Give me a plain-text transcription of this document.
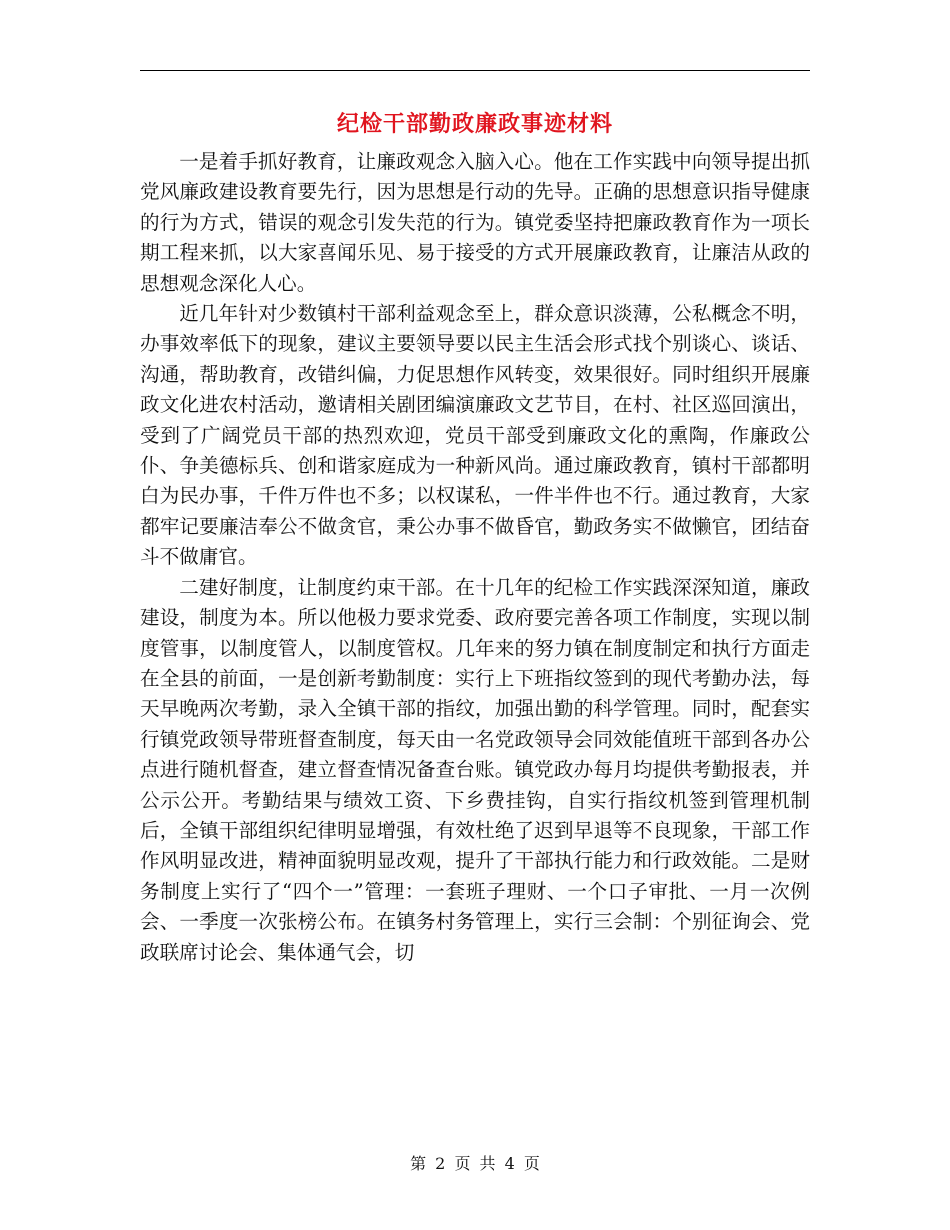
纪检干部勤政廉政事迹材料

一是着手抓好教育，让廉政观念入脑入心。他在工作实践中向领导提出抓党风廉政建设教育要先行，因为思想是行动的先导。正确的思想意识指导健康的行为方式，错误的观念引发失范的行为。镇党委坚持把廉政教育作为一项长期工程来抓，以大家喜闻乐见、易于接受的方式开展廉政教育，让廉洁从政的思想观念深化人心。

近几年针对少数镇村干部利益观念至上，群众意识淡薄，公私概念不明，办事效率低下的现象，建议主要领导要以民主生活会形式找个别谈心、谈话、沟通，帮助教育，改错纠偏，力促思想作风转变，效果很好。同时组织开展廉政文化进农村活动，邀请相关剧团编演廉政文艺节目，在村、社区巡回演出，受到了广阔党员干部的热烈欢迎，党员干部受到廉政文化的熏陶，作廉政公仆、争美德标兵、创和谐家庭成为一种新风尚。通过廉政教育，镇村干部都明白为民办事，千件万件也不多；以权谋私，一件半件也不行。通过教育，大家都牢记要廉洁奉公不做贪官，秉公办事不做昏官，勤政务实不做懒官，团结奋斗不做庸官。

二建好制度，让制度约束干部。在十几年的纪检工作实践深深知道，廉政建设，制度为本。所以他极力要求党委、政府要完善各项工作制度，实现以制度管事，以制度管人，以制度管权。几年来的努力镇在制度制定和执行方面走在全县的前面，一是创新考勤制度：实行上下班指纹签到的现代考勤办法，每天早晚两次考勤，录入全镇干部的指纹，加强出勤的科学管理。同时，配套实行镇党政领导带班督查制度，每天由一名党政领导会同效能值班干部到各办公点进行随机督查，建立督查情况备查台账。镇党政办每月均提供考勤报表，并公示公开。考勤结果与绩效工资、下乡费挂钩，自实行指纹机签到管理机制后，全镇干部组织纪律明显增强，有效杜绝了迟到早退等不良现象，干部工作作风明显改进，精神面貌明显改观，提升了干部执行能力和行政效能。二是财务制度上实行了“四个一”管理：一套班子理财、一个口子审批、一月一次例会、一季度一次张榜公布。在镇务村务管理上，实行三会制：个别征询会、党政联席讨论会、集体通气会，切

第 2 页 共 4 页
